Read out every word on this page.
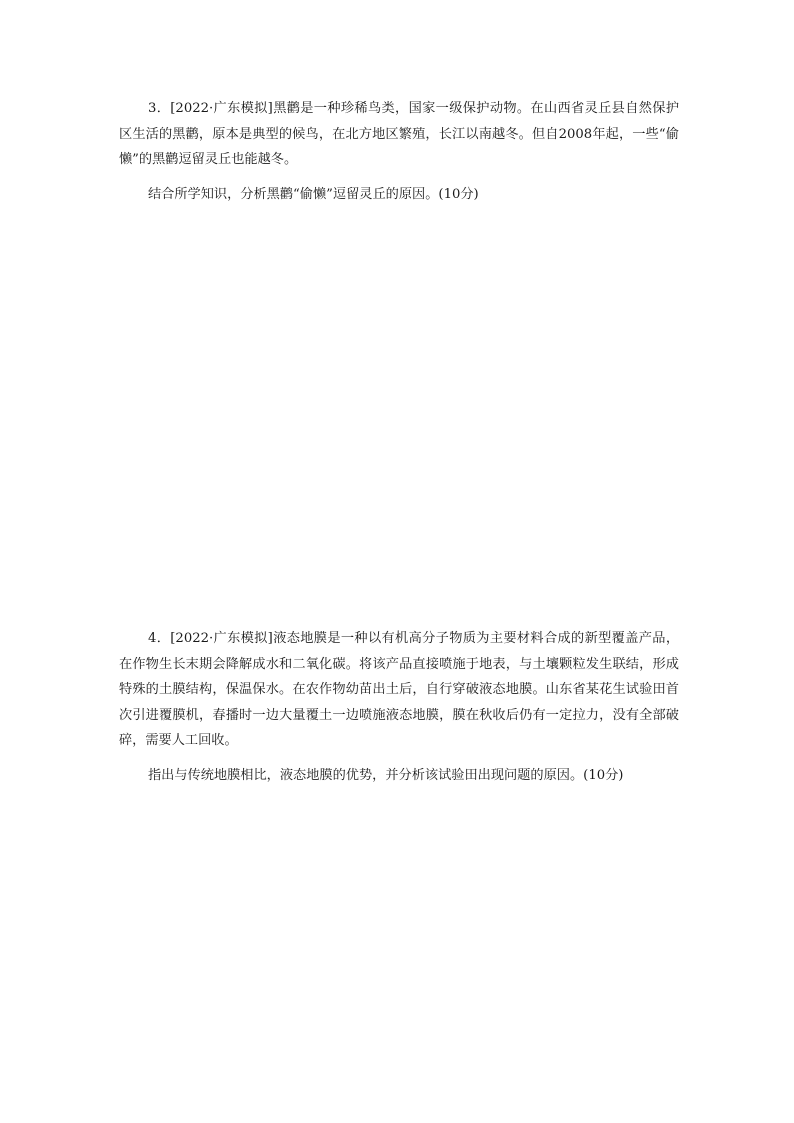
3．[2022·广东模拟]黑鹳是一种珍稀鸟类，国家一级保护动物。在山西省灵丘县自然保护区生活的黑鹳，原本是典型的候鸟，在北方地区繁殖，长江以南越冬。但自2008年起，一些“偷懒”的黑鹳逗留灵丘也能越冬。

结合所学知识，分析黑鹳“偷懒”逗留灵丘的原因。(10分)

4．[2022·广东模拟]液态地膜是一种以有机高分子物质为主要材料合成的新型覆盖产品，在作物生长末期会降解成水和二氧化碳。将该产品直接喷施于地表，与土壤颗粒发生联结，形成特殊的土膜结构，保温保水。在农作物幼苗出土后，自行穿破液态地膜。山东省某花生试验田首次引进覆膜机，春播时一边大量覆土一边喷施液态地膜，膜在秋收后仍有一定拉力，没有全部破碎，需要人工回收。

指出与传统地膜相比，液态地膜的优势，并分析该试验田出现问题的原因。(10分)
